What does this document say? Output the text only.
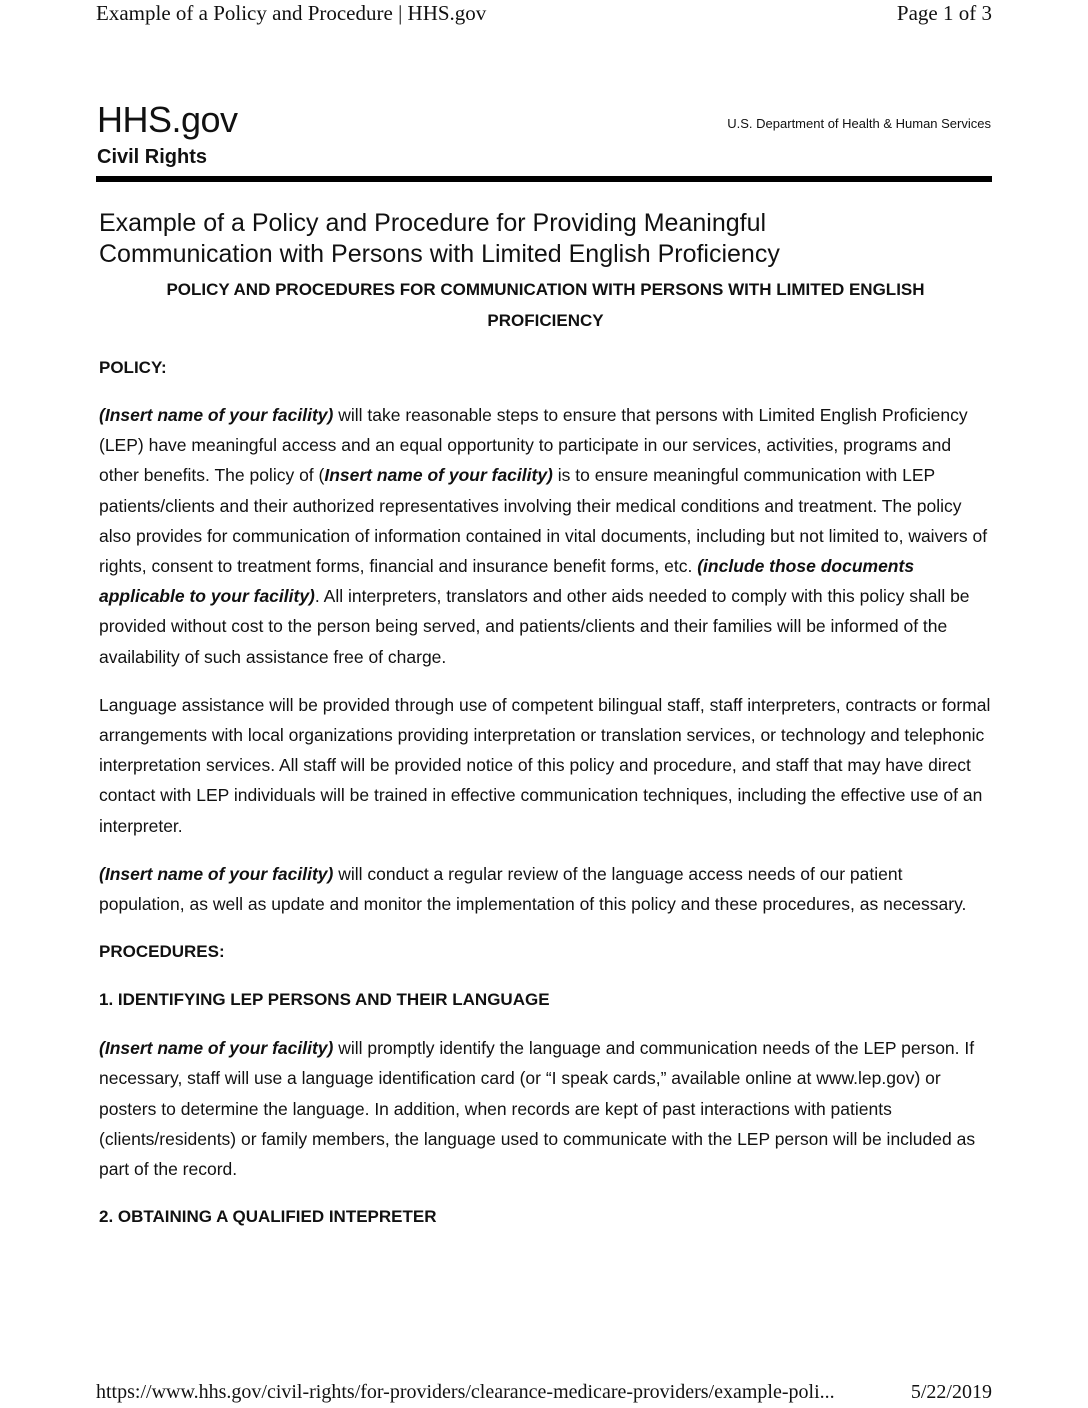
Example of a Policy and Procedure | HHS.gov	Page 1 of 3
HHS.gov	U.S. Department of Health & Human Services
Civil Rights
Example of a Policy and Procedure for Providing Meaningful
Communication with Persons with Limited English Proficiency
POLICY AND PROCEDURES FOR COMMUNICATION WITH PERSONS WITH LIMITED ENGLISH
PROFICIENCY
POLICY:

(Insert name of your facility) will take reasonable steps to ensure that persons with Limited English Proficiency (LEP) have meaningful access and an equal opportunity to participate in our services, activities, programs and other benefits. The policy of (Insert name of your facility) is to ensure meaningful communication with LEP patients/clients and their authorized representatives involving their medical conditions and treatment. The policy also provides for communication of information contained in vital documents, including but not limited to, waivers of rights, consent to treatment forms, financial and insurance benefit forms, etc. (include those documents applicable to your facility). All interpreters, translators and other aids needed to comply with this policy shall be provided without cost to the person being served, and patients/clients and their families will be informed of the availability of such assistance free of charge.

Language assistance will be provided through use of competent bilingual staff, staff interpreters, contracts or formal arrangements with local organizations providing interpretation or translation services, or technology and telephonic interpretation services. All staff will be provided notice of this policy and procedure, and staff that may have direct contact with LEP individuals will be trained in effective communication techniques, including the effective use of an interpreter.

(Insert name of your facility) will conduct a regular review of the language access needs of our patient population, as well as update and monitor the implementation of this policy and these procedures, as necessary.

PROCEDURES:
1. IDENTIFYING LEP PERSONS AND THEIR LANGUAGE

(Insert name of your facility) will promptly identify the language and communication needs of the LEP person. If necessary, staff will use a language identification card (or “I speak cards,” available online at www.lep.gov) or posters to determine the language. In addition, when records are kept of past interactions with patients (clients/residents) or family members, the language used to communicate with the LEP person will be included as part of the record.

2. OBTAINING A QUALIFIED INTEPRETER
https://www.hhs.gov/civil-rights/for-providers/clearance-medicare-providers/example-poli...	5/22/2019
